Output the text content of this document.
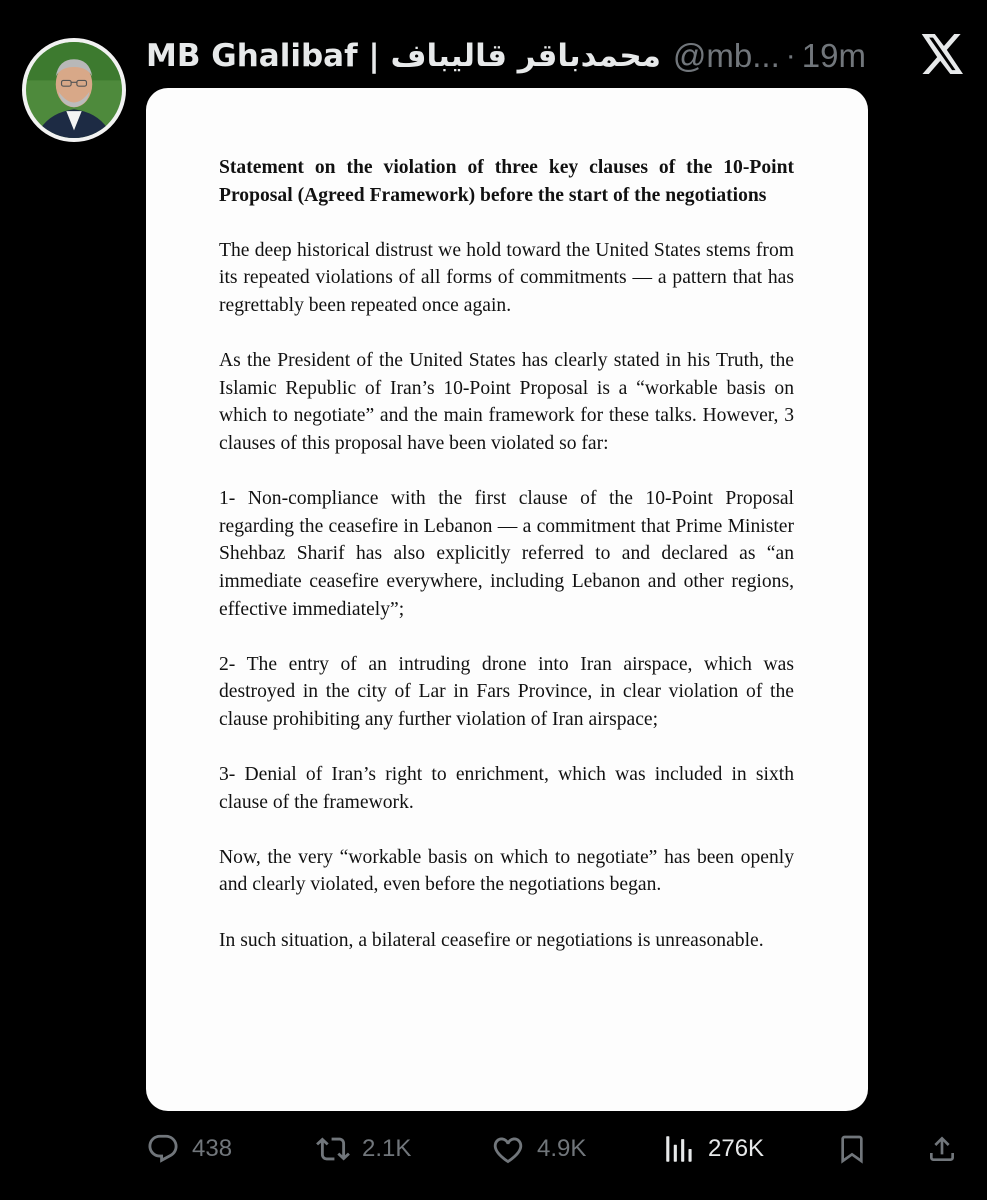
MB Ghalibaf | محمدباقر قالیباف @mb... · 19m

Statement on the violation of three key clauses of the 10-Point Proposal (Agreed Framework) before the start of the negotiations

The deep historical distrust we hold toward the United States stems from its repeated violations of all forms of commitments — a pattern that has regrettably been repeated once again.

As the President of the United States has clearly stated in his Truth, the Islamic Republic of Iran’s 10-Point Proposal is a “workable basis on which to negotiate” and the main framework for these talks. However, 3 clauses of this proposal have been violated so far:

1- Non-compliance with the first clause of the 10-Point Proposal regarding the ceasefire in Lebanon — a commitment that Prime Minister Shehbaz Sharif has also explicitly referred to and declared as “an immediate ceasefire everywhere, including Lebanon and other regions, effective immediately”;

2- The entry of an intruding drone into Iran airspace, which was destroyed in the city of Lar in Fars Province, in clear violation of the clause prohibiting any further violation of Iran airspace;

3- Denial of Iran’s right to enrichment, which was included in sixth clause of the framework.

Now, the very “workable basis on which to negotiate” has been openly and clearly violated, even before the negotiations began.

In such situation, a bilateral ceasefire or negotiations is unreasonable.

438	2.1K	4.9K	276K
